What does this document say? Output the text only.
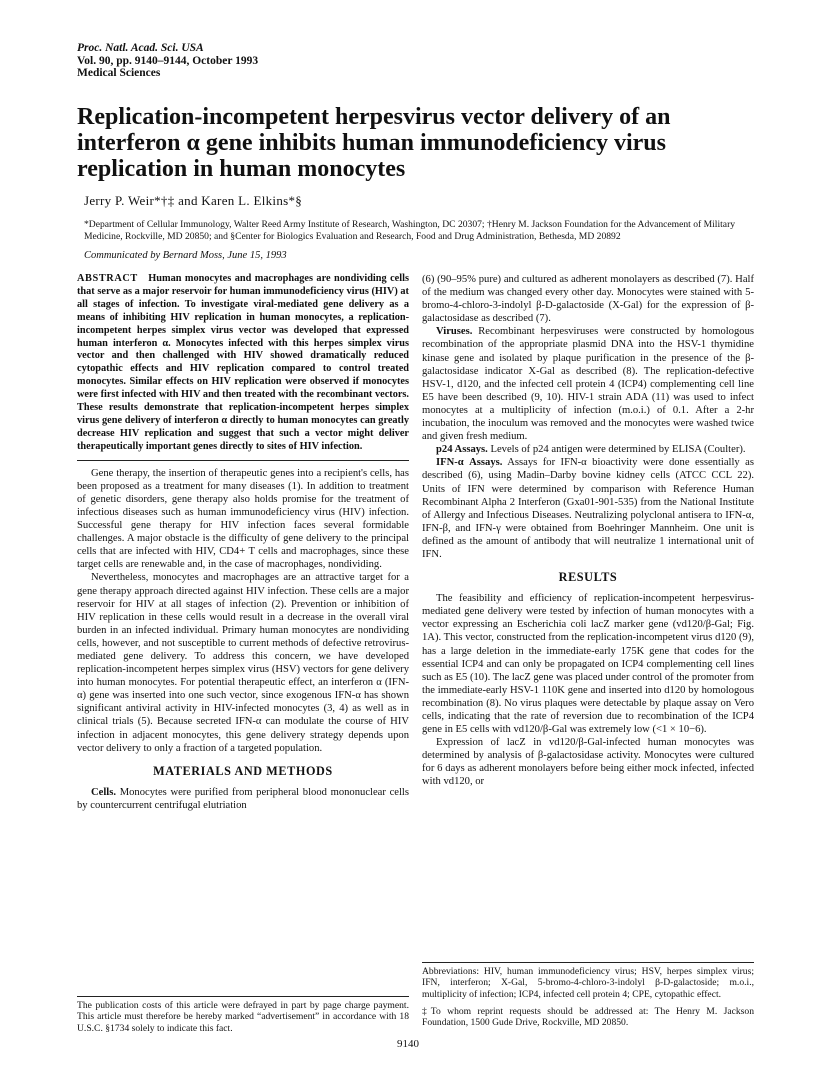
Proc. Natl. Acad. Sci. USA
Vol. 90, pp. 9140–9144, October 1993
Medical Sciences
Replication-incompetent herpesvirus vector delivery of an interferon α gene inhibits human immunodeficiency virus replication in human monocytes
Jerry P. Weir*†‡ and Karen L. Elkins*§
*Department of Cellular Immunology, Walter Reed Army Institute of Research, Washington, DC 20307; †Henry M. Jackson Foundation for the Advancement of Military Medicine, Rockville, MD 20850; and §Center for Biologics Evaluation and Research, Food and Drug Administration, Bethesda, MD 20892
Communicated by Bernard Moss, June 15, 1993

ABSTRACT Human monocytes and macrophages are nondividing cells that serve as a major reservoir for human immunodeficiency virus (HIV) at all stages of infection. To investigate viral-mediated gene delivery as a means of inhibiting HIV replication in human monocytes, a replication-incompetent herpes simplex virus vector was developed that expressed human interferon α. Monocytes infected with this herpes simplex virus vector and then challenged with HIV showed dramatically reduced cytopathic effects and HIV replication compared to control treated monocytes. Similar effects on HIV replication were observed if monocytes were first infected with HIV and then treated with the recombinant vectors. These results demonstrate that replication-incompetent herpes simplex virus gene delivery of interferon α directly to human monocytes can greatly decrease HIV replication and suggest that such a vector might deliver therapeutically important genes directly to sites of HIV infection.

Gene therapy, the insertion of therapeutic genes into a recipient's cells, has been proposed as a treatment for many diseases (1). In addition to treatment of genetic disorders, gene therapy also holds promise for the treatment of infectious diseases such as human immunodeficiency virus (HIV) infection. Successful gene therapy for HIV infection faces several formidable challenges. A major obstacle is the difficulty of gene delivery to the principal cells that are infected with HIV, CD4+ T cells and macrophages, since these target cells are renewable and, in the case of macrophages, nondividing.

Nevertheless, monocytes and macrophages are an attractive target for a gene therapy approach directed against HIV infection. These cells are a major reservoir for HIV at all stages of infection (2). Prevention or inhibition of HIV replication in these cells would result in a decrease in the overall viral burden in an infected individual. Primary human monocytes are nondividing cells, however, and not susceptible to current methods of defective retrovirus-mediated gene delivery. To address this concern, we have developed replication-incompetent herpes simplex virus (HSV) vectors for gene delivery into human monocytes. For potential therapeutic effect, an interferon α (IFN-α) gene was inserted into one such vector, since exogenous IFN-α has shown significant antiviral activity in HIV-infected monocytes (3, 4) as well as in clinical trials (5). Because secreted IFN-α can modulate the course of HIV infection in adjacent monocytes, this gene delivery strategy depends upon vector delivery to only a fraction of a targeted population.

MATERIALS AND METHODS

Cells. Monocytes were purified from peripheral blood mononuclear cells by countercurrent centrifugal elutriation

The publication costs of this article were defrayed in part by page charge payment. This article must therefore be hereby marked “advertisement” in accordance with 18 U.S.C. §1734 solely to indicate this fact.

(6) (90–95% pure) and cultured as adherent monolayers as described (7). Half of the medium was changed every other day. Monocytes were stained with 5-bromo-4-chloro-3-indolyl β-D-galactoside (X-Gal) for the expression of β-galactosidase as described (7).

Viruses. Recombinant herpesviruses were constructed by homologous recombination of the appropriate plasmid DNA into the HSV-1 thymidine kinase gene and isolated by plaque purification in the presence of the β-galactosidase indicator X-Gal as described (8). The replication-defective HSV-1, d120, and the infected cell protein 4 (ICP4) complementing cell line E5 have been described (9, 10). HIV-1 strain ADA (11) was used to infect monocytes at a multiplicity of infection (m.o.i.) of 0.1. After a 2-hr incubation, the inoculum was removed and the monocytes were washed twice and given fresh medium.

p24 Assays. Levels of p24 antigen were determined by ELISA (Coulter).

IFN-α Assays. Assays for IFN-α bioactivity were done essentially as described (6), using Madin–Darby bovine kidney cells (ATCC CCL 22). Units of IFN were determined by comparison with Reference Human Recombinant Alpha 2 Interferon (Gxa01-901-535) from the National Institute of Allergy and Infectious Diseases. Neutralizing polyclonal antisera to IFN-α, IFN-β, and IFN-γ were obtained from Boehringer Mannheim. One unit is defined as the amount of antibody that will neutralize 1 international unit of IFN.

RESULTS

The feasibility and efficiency of replication-incompetent herpesvirus-mediated gene delivery were tested by infection of human monocytes with a vector expressing an Escherichia coli lacZ marker gene (vd120/β-Gal; Fig. 1A). This vector, constructed from the replication-incompetent virus d120 (9), has a large deletion in the immediate-early 175K gene that codes for the essential ICP4 and can only be propagated on ICP4 complementing cell lines such as E5 (10). The lacZ gene was placed under control of the promoter from the immediate-early HSV-1 110K gene and inserted into d120 by homologous recombination (8). No virus plaques were detectable by plaque assay on Vero cells, indicating that the rate of reversion due to recombination of the ICP4 gene in E5 cells with vd120/β-Gal was extremely low (<1 × 10−6).

Expression of lacZ in vd120/β-Gal-infected human monocytes was determined by analysis of β-galactosidase activity. Monocytes were cultured for 6 days as adherent monolayers before being either mock infected, infected with vd120, or

Abbreviations: HIV, human immunodeficiency virus; HSV, herpes simplex virus; IFN, interferon; X-Gal, 5-bromo-4-chloro-3-indolyl β-D-galactoside; m.o.i., multiplicity of infection; ICP4, infected cell protein 4; CPE, cytopathic effect.

‡To whom reprint requests should be addressed at: The Henry M. Jackson Foundation, 1500 Gude Drive, Rockville, MD 20850.

9140
